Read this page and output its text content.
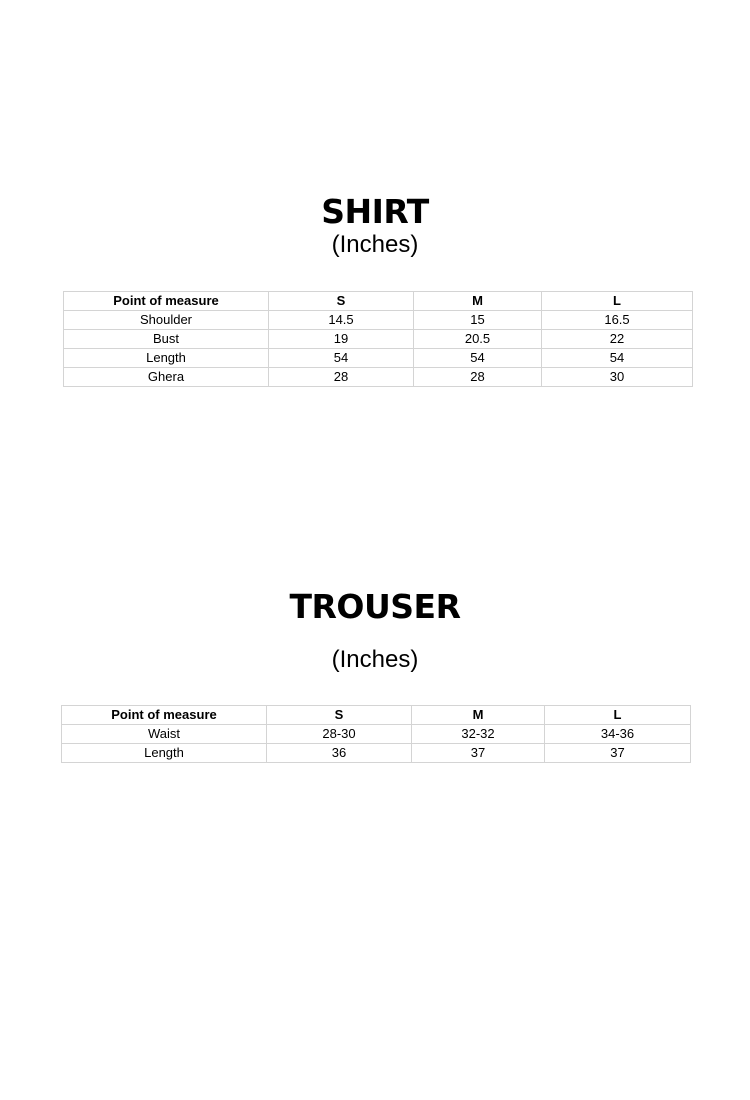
SHIRT
(Inches)
Point of measure	S	M	L
Shoulder	14.5	15	16.5
Bust	19	20.5	22
Length	54	54	54
Ghera	28	28	30
TROUSER
(Inches)
Point of measure	S	M	L
Waist	28-30	32-32	34-36
Length	36	37	37
